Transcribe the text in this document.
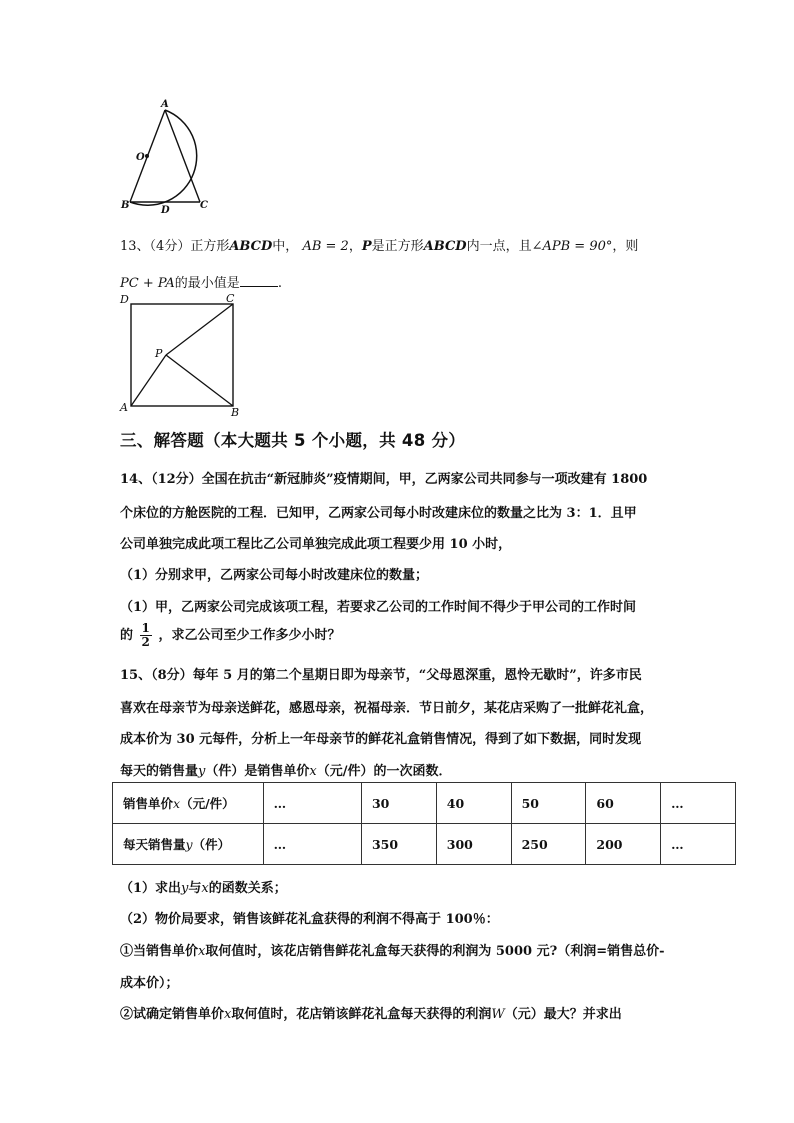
A
O
B	D	C
13、（4分）正方形ABCD中， AB = 2，P是正方形ABCD内一点，且∠APB = 90°，则
PC + PA的最小值是	.
D	C
P
A	B
三、解答题（本大题共 5 个小题，共 48 分）
14、（12分）全国在抗击“新冠肺炎”疫情期间，甲，乙两家公司共同参与一项改建有 1800
个床位的方舱医院的工程．已知甲，乙两家公司每小时改建床位的数量之比为 3：1．且甲
公司单独完成此项工程比乙公司单独完成此项工程要少用 10 小时，
（1）分别求甲，乙两家公司每小时改建床位的数量；
（1）甲，乙两家公司完成该项工程，若要求乙公司的工作时间不得少于甲公司的工作时间
的 $\frac{1}{2}$ ，求乙公司至少工作多少小时？
15、（8分）每年 5 月的第二个星期日即为母亲节，“父母恩深重，恩怜无歇时”，许多市民
喜欢在母亲节为母亲送鲜花，感恩母亲，祝福母亲．节日前夕，某花店采购了一批鲜花礼盒，
成本价为 30 元每件，分析上一年母亲节的鲜花礼盒销售情况，得到了如下数据，同时发现
每天的销售量y（件）是销售单价x（元/件）的一次函数．
销售单价x（元/件）	…	30	40	50	60	…
每天销售量y（件）	…	350	300	250	200	…
（1）求出y与x的函数关系；
（2）物价局要求，销售该鲜花礼盒获得的利润不得高于 100％：
①当销售单价x取何值时，该花店销售鲜花礼盒每天获得的利润为 5000 元?（利润=销售总价-
成本价）；
②试确定销售单价x取何值时，花店销该鲜花礼盒每天获得的利润W（元）最大？并求出
